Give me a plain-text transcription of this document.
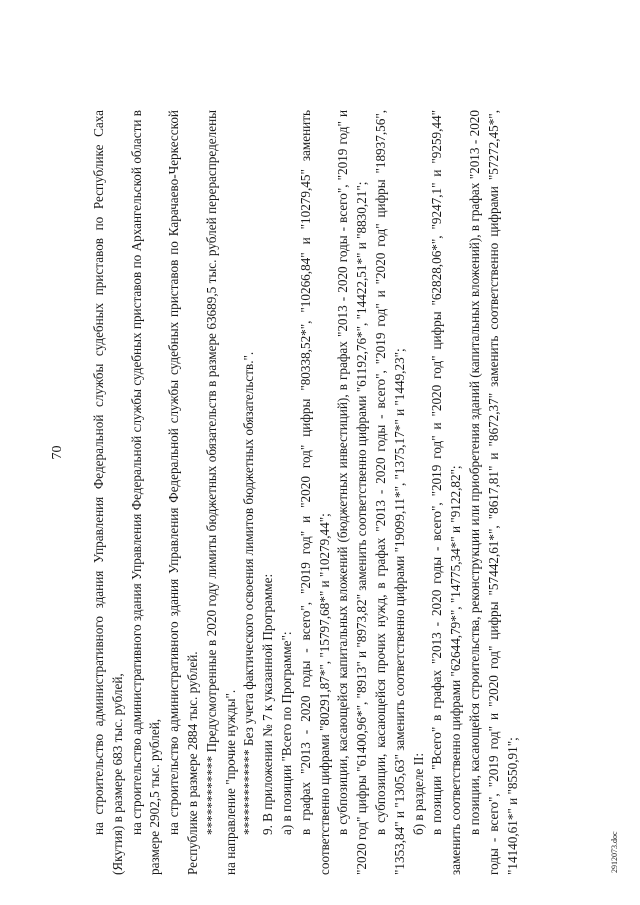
70 на строительство административного здания Управления Федеральной службы судебных приставов по Республике Саха (Якутия) в размере 683 тыс. рублей, на строительство административного здания Управления Федеральной службы судебных приставов по Архангельской области в размере 2902,5 тыс. рублей, на строительство административного здания Управления Федеральной службы судебных приставов по Карачаево-Черкесской Республике в размере 2884 тыс. рублей. ************ Предусмотренные в 2020 году лимиты бюджетных обязательств в размере 63689,5 тыс. рублей перераспределены на направление "прочие нужды". ************* Без учета фактического освоения лимитов бюджетных обязательств.". 9. В приложении № 7 к указанной Программе: а) в позиции "Всего по Программе": в графах "2013 - 2020 годы - всего", "2019 год" и "2020 год" цифры "80338,52*", "10266,84" и "10279,45" заменить соответственно цифрами "80291,87*", "15797,68*" и "10279,44"; в субпозиции, касающейся капитальных вложений (бюджетных инвестиций), в графах "2013 - 2020 годы - всего", "2019 год" и "2020 год" цифры "61400,96*", "8913" и "8973,82" заменить соответственно цифрами "61192,76*", "14422,51*" и "8830,21"; в субпозиции, касающейся прочих нужд, в графах "2013 - 2020 годы - всего", "2019 год" и "2020 год" цифры "18937,56", "1353,84" и "1305,63" заменить соответственно цифрами "19099,11*", "1375,17*" и "1449,23"; б) в разделе II: в позиции "Всего" в графах "2013 - 2020 годы - всего", "2019 год" и "2020 год" цифры "62828,06*", "9247,1" и "9259,44" заменить соответственно цифрами "62644,79*", "14775,34*" и "9122,82"; в позиции, касающейся строительства, реконструкции или приобретения зданий (капитальных вложений), в графах "2013 - 2020 годы - всего", "2019 год" и "2020 год" цифры "57442,61*", "8617,81" и "8672,37" заменить соответственно цифрами "57272,45*", "14140,61*" и "8550,91";	2912073.doc
